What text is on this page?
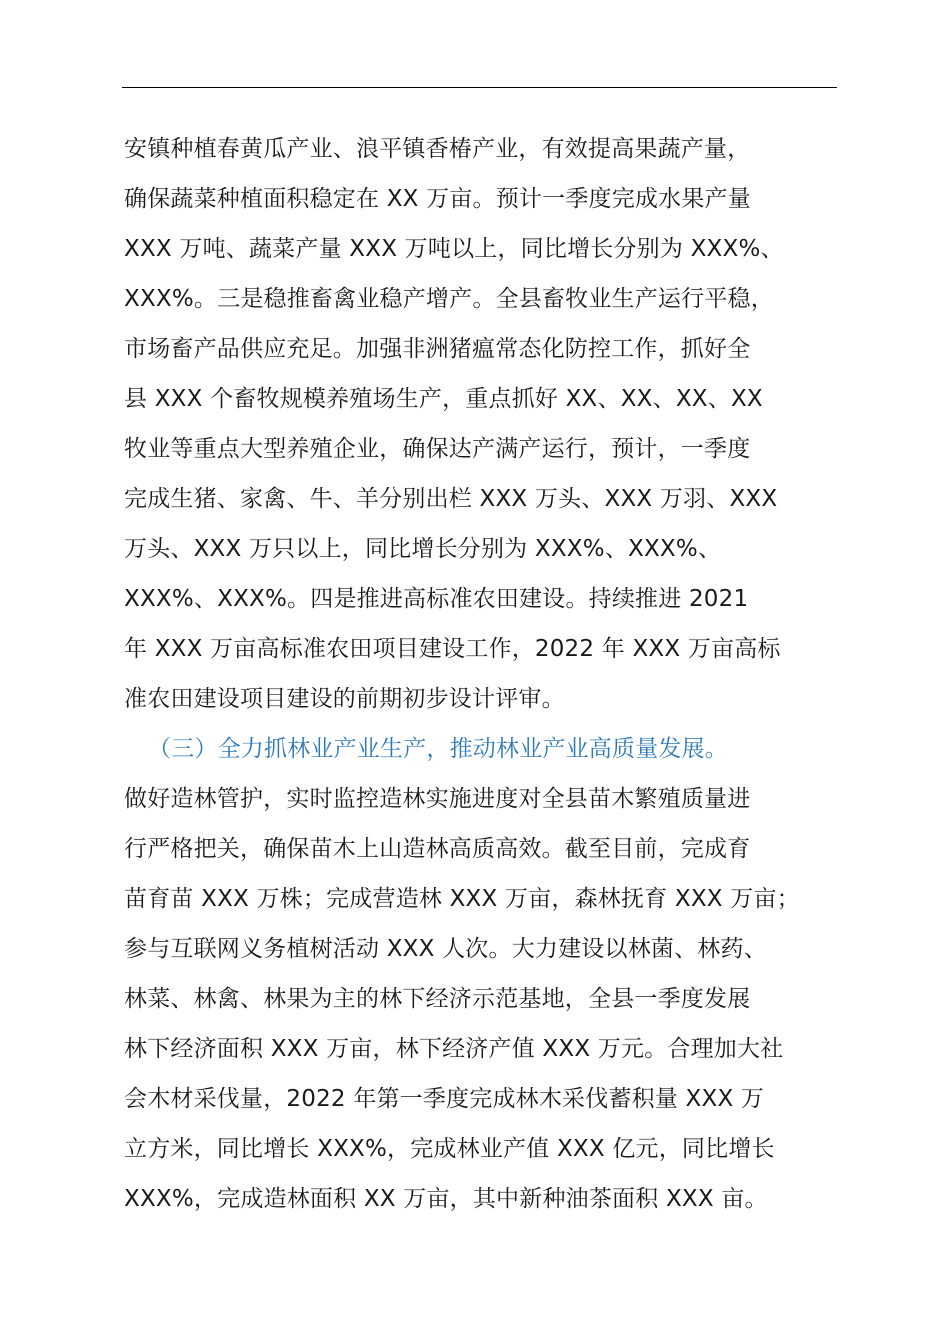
安镇种植春黄瓜产业、浪平镇香椿产业，有效提高果蔬产量，
确保蔬菜种植面积稳定在 XX 万亩。预计一季度完成水果产量
XXX 万吨、蔬菜产量 XXX 万吨以上，同比增长分别为 XXX%、
XXX%。三是稳推畜禽业稳产增产。全县畜牧业生产运行平稳，
市场畜产品供应充足。加强非洲猪瘟常态化防控工作，抓好全
县 XXX 个畜牧规模养殖场生产，重点抓好 XX、XX、XX、XX
牧业等重点大型养殖企业，确保达产满产运行，预计，一季度
完成生猪、家禽、牛、羊分别出栏 XXX 万头、XXX 万羽、XXX
万头、XXX 万只以上，同比增长分别为 XXX%、XXX%、
XXX%、XXX%。四是推进高标准农田建设。持续推进 2021
年 XXX 万亩高标准农田项目建设工作，2022 年 XXX 万亩高标
准农田建设项目建设的前期初步设计评审。
（三）全力抓林业产业生产，推动林业产业高质量发展。
做好造林管护，实时监控造林实施进度对全县苗木繁殖质量进
行严格把关，确保苗木上山造林高质高效。截至目前，完成育
苗育苗 XXX 万株；完成营造林 XXX 万亩，森林抚育 XXX 万亩；
参与互联网义务植树活动 XXX 人次。大力建设以林菌、林药、
林菜、林禽、林果为主的林下经济示范基地，全县一季度发展
林下经济面积 XXX 万亩，林下经济产值 XXX 万元。合理加大社
会木材采伐量，2022 年第一季度完成林木采伐蓄积量 XXX 万
立方米，同比增长 XXX%，完成林业产值 XXX 亿元，同比增长
XXX%，完成造林面积 XX 万亩，其中新种油茶面积 XXX 亩。
